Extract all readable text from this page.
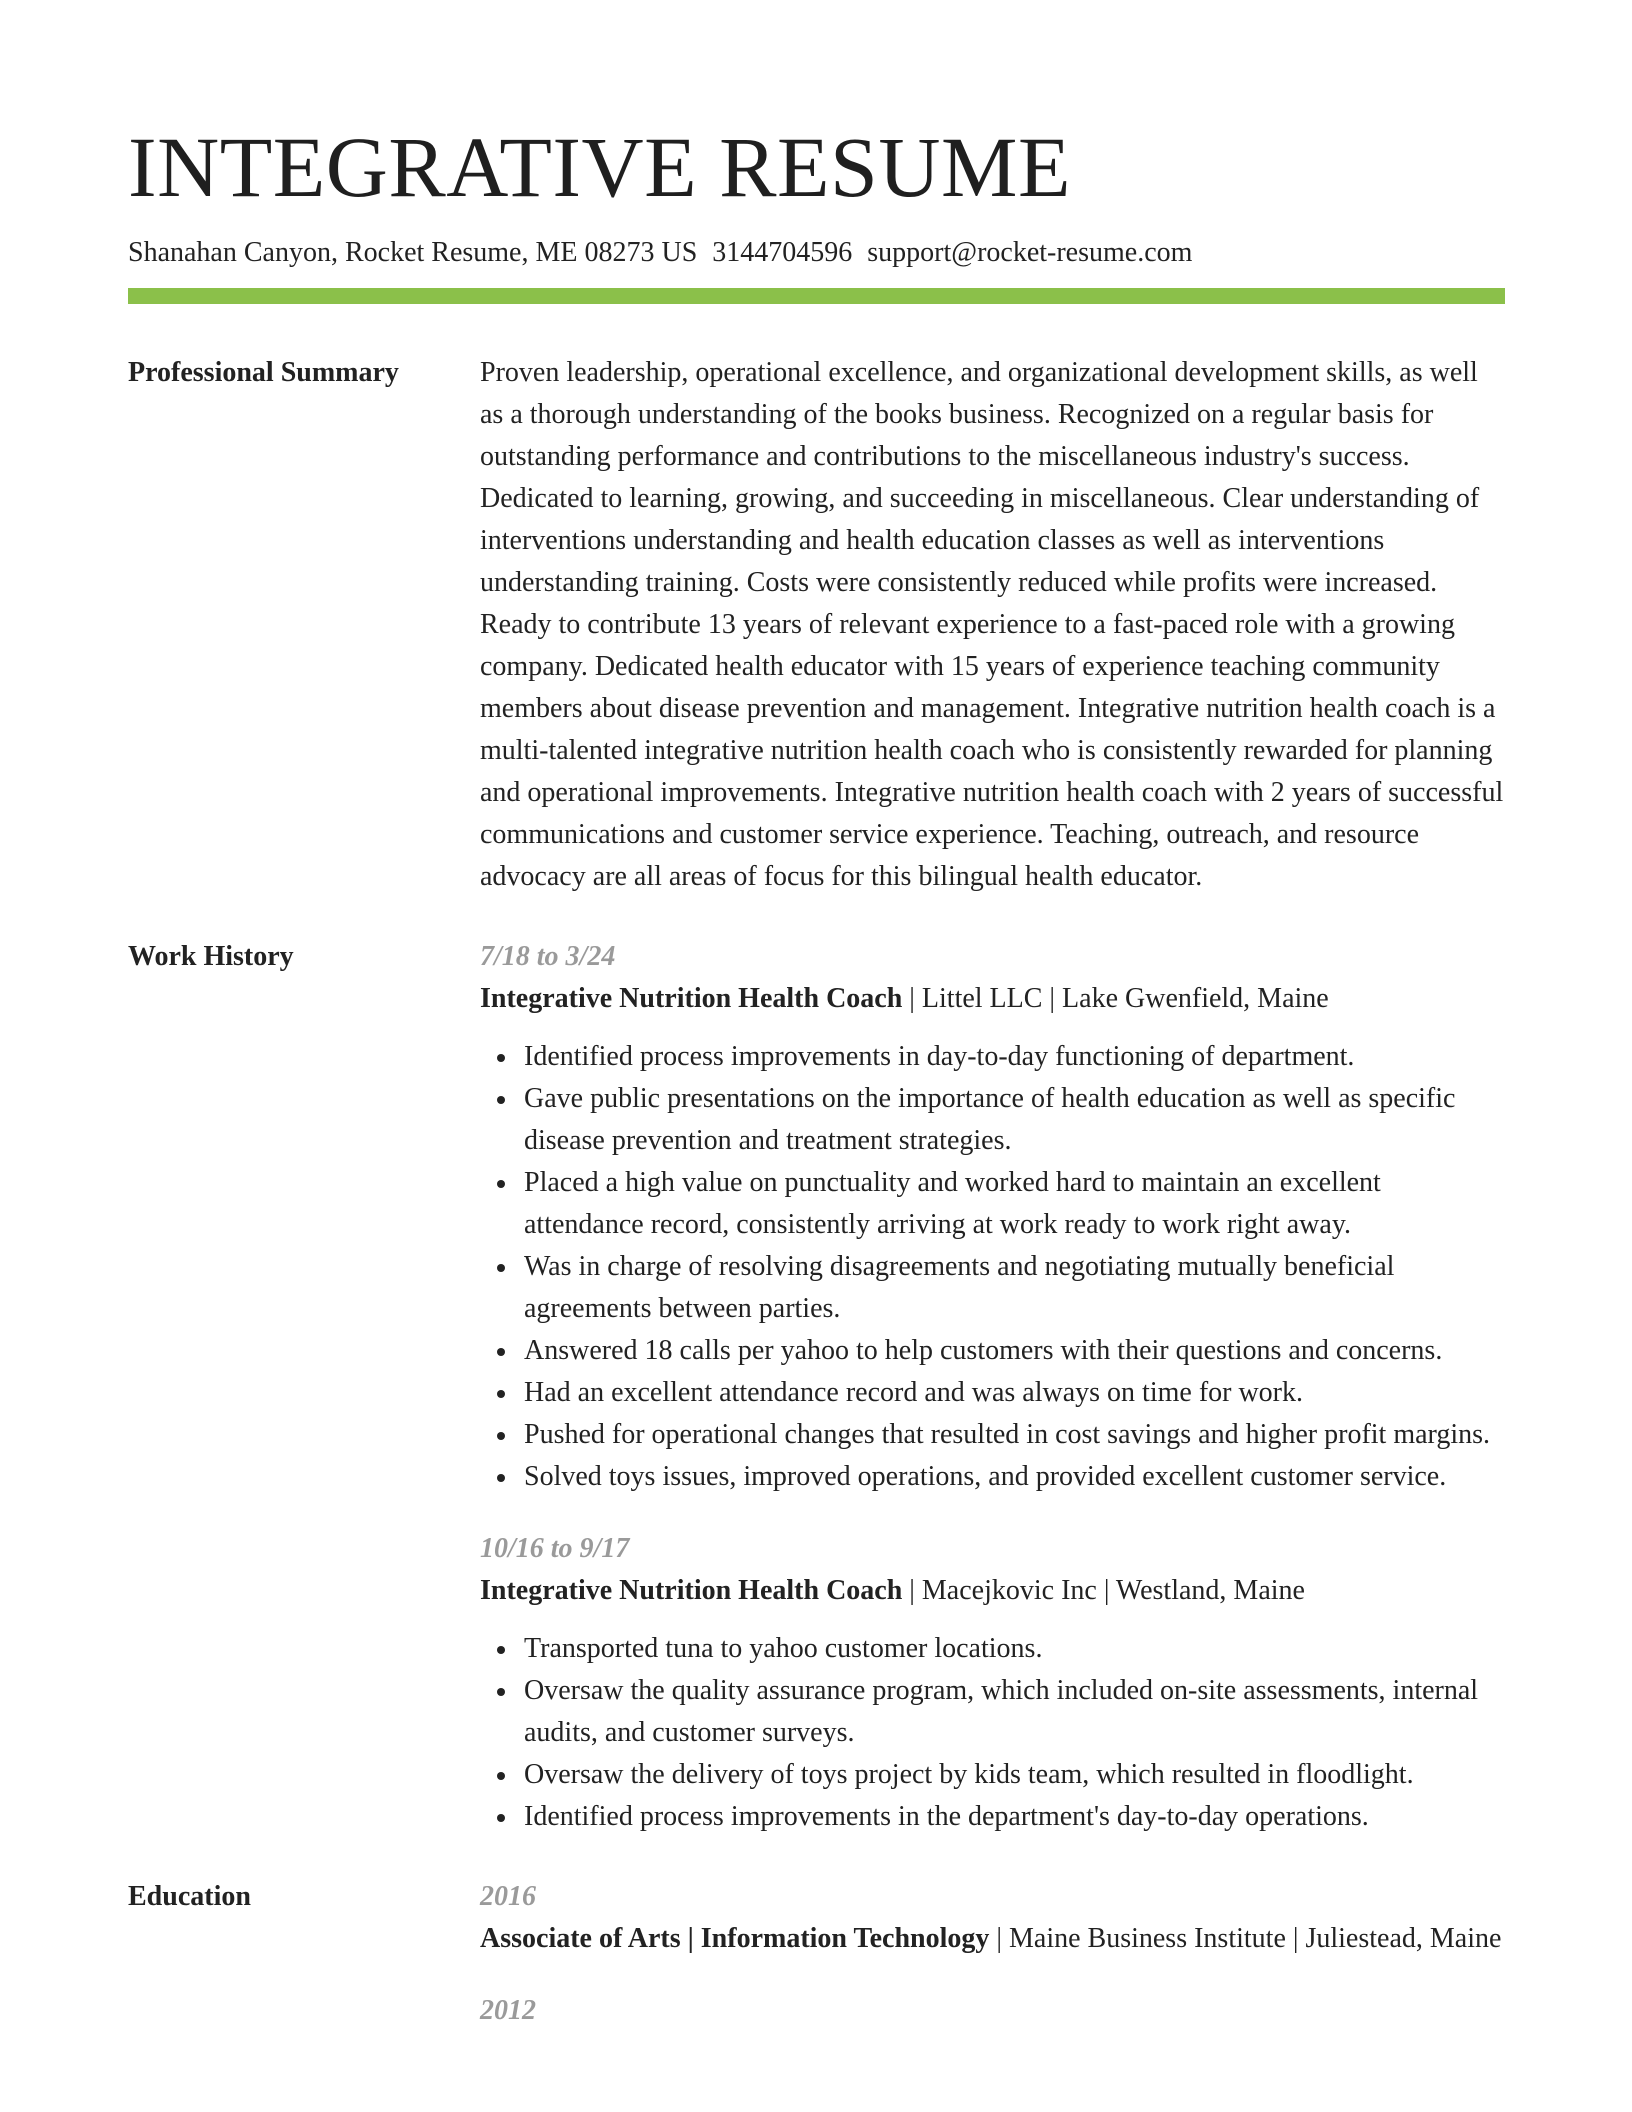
INTEGRATIVE RESUME
Shanahan Canyon, Rocket Resume, ME 08273 US 3144704596 support@rocket-resume.com
Professional Summary	Proven leadership, operational excellence, and organizational development skills, as well as a thorough understanding of the books business. Recognized on a regular basis for outstanding performance and contributions to the miscellaneous industry's success. Dedicated to learning, growing, and succeeding in miscellaneous. Clear understanding of interventions understanding and health education classes as well as interventions understanding training. Costs were consistently reduced while profits were increased. Ready to contribute 13 years of relevant experience to a fast-paced role with a growing company. Dedicated health educator with 15 years of experience teaching community members about disease prevention and management. Integrative nutrition health coach is a multi-talented integrative nutrition health coach who is consistently rewarded for planning and operational improvements. Integrative nutrition health coach with 2 years of successful communications and customer service experience. Teaching, outreach, and resource advocacy are all areas of focus for this bilingual health educator.

Work History	7/18 to 3/24
Integrative Nutrition Health Coach | Littel LLC | Lake Gwenfield, Maine
Identified process improvements in day-to-day functioning of department.
Gave public presentations on the importance of health education as well as specific disease prevention and treatment strategies.
Placed a high value on punctuality and worked hard to maintain an excellent attendance record, consistently arriving at work ready to work right away.
Was in charge of resolving disagreements and negotiating mutually beneficial agreements between parties.
Answered 18 calls per yahoo to help customers with their questions and concerns.
Had an excellent attendance record and was always on time for work.
Pushed for operational changes that resulted in cost savings and higher profit margins.
Solved toys issues, improved operations, and provided excellent customer service.
10/16 to 9/17
Integrative Nutrition Health Coach | Macejkovic Inc | Westland, Maine
Transported tuna to yahoo customer locations.
Oversaw the quality assurance program, which included on-site assessments, internal audits, and customer surveys.
Oversaw the delivery of toys project by kids team, which resulted in floodlight.
Identified process improvements in the department's day-to-day operations.
Education	2016
Associate of Arts | Information Technology | Maine Business Institute | Juliestead, Maine
2012
